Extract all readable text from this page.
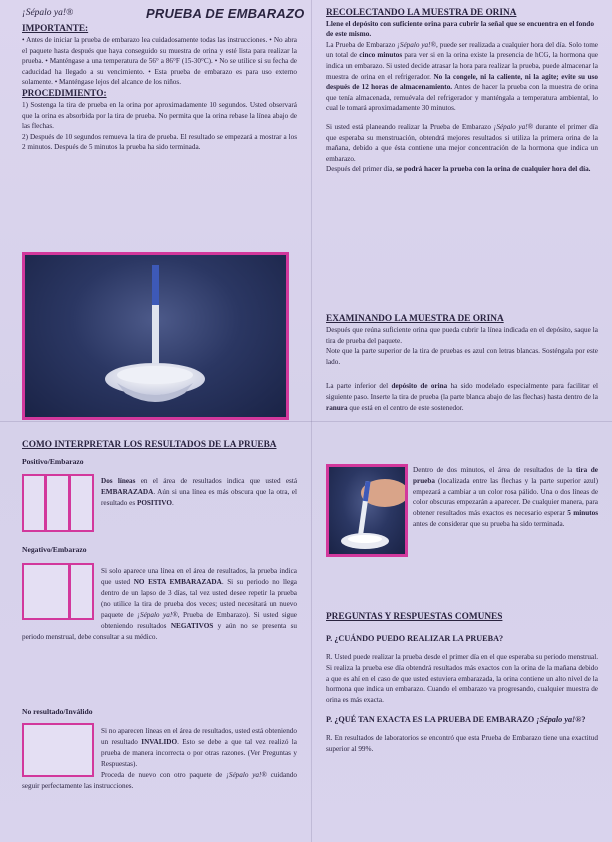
¡Sépalo ya!®	PRUEBA DE EMBARAZO

IMPORTANTE:

• Antes de iniciar la prueba de embarazo lea cuidadosamente todas las instrucciones. • No abra el paquete hasta después que haya conseguido su muestra de orina y esté lista para realizar la prueba. • Manténgase a una temperatura de 56° a 86°F (15-30°C). • No se utilice si su fecha de caducidad ha llegado a su vencimiento. • Esta prueba de embarazo es para uso externo solamente. • Manténgase lejos del alcance de los niños.

PROCEDIMIENTO:

1) Sostenga la tira de prueba en la orina por aproximadamente 10 segundos. Usted observará que la orina es absorbida por la tira de prueba. No permita que la orina rebase la línea abajo de las flechas.

2) Después de 10 segundos remueva la tira de prueba. El resultado se empezará a mostrar a los 2 minutos. Después de 5 minutos la prueba ha sido terminada.

COMO INTERPRETAR LOS RESULTADOS DE LA PRUEBA

Positivo/Embarazo

Dos líneas en el área de resultados indica que usted está EMBARAZADA. Aún si una línea es más obscura que la otra, el resultado es POSITIVO.

Negativo/Embarazo

Si solo aparece una línea en el área de resultados, la prueba indica que usted NO ESTA EMBARAZADA. Si su periodo no llega dentro de un lapso de 3 días, tal vez usted desee repetir la prueba (no utilice la tira de prueba dos veces; usted necesitará un nuevo paquete de ¡Sépalo ya!®, Prueba de Embarazo). Si usted sigue obteniendo resultados NEGATIVOS y aún no se presenta su periodo menstrual, debe consultar a su médico.

No resultado/Inválido

Si no aparecen líneas en el área de resultados, usted está obteniendo un resultado INVALIDO. Esto se debe a que tal vez realizó la prueba de manera incorrecta o por otras razones. (Ver Preguntas y Respuestas).

Proceda de nuevo con otro paquete de ¡Sépalo ya!® cuidando seguir perfectamente las instrucciones.

RECOLECTANDO LA MUESTRA DE ORINA

Llene el depósito con suficiente orina para cubrir la señal que se encuentra en el fondo de este mismo.

La Prueba de Embarazo ¡Sépalo ya!®, puede ser realizada a cualquier hora del día. Solo tome un total de cinco minutos para ver si en la orina existe la presencia de hCG, la hormona que indica un embarazo. Si usted decide atrasar la hora para realizar la prueba, puede almacenar la muestra de orina en el refrigerador. No la congele, ni la caliente, ni la agite; evite su uso después de 12 horas de almacenamiento. Antes de hacer la prueba con la muestra de orina que tenía almacenada, remuévala del refrigerador y manténgala a temperatura ambiental, lo cual le tomará aproximadamente 30 minutos.

Si usted está planeando realizar la Prueba de Embarazo ¡Sépalo ya!® durante el primer día que esperaba su menstruación, obtendrá mejores resultados si utiliza la primera orina de la mañana, debido a que ésta contiene una mejor concentración de la hormona que indica un embarazo.

Después del primer día, se podrá hacer la prueba con la orina de cualquier hora del día.

EXAMINANDO LA MUESTRA DE ORINA

Después que reúna suficiente orina que pueda cubrir la línea indicada en el depósito, saque la tira de prueba del paquete.

Note que la parte superior de la tira de pruebas es azul con letras blancas. Sosténgala por este lado.

La parte inferior del depósito de orina ha sido modelado especialmente para facilitar el siguiente paso. Inserte la tira de prueba (la parte blanca abajo de las flechas) hasta dentro de la ranura que está en el centro de este sostenedor.

Dentro de dos minutos, el área de resultados de la tira de prueba (localizada entre las flechas y la parte superior azul) empezará a cambiar a un color rosa pálido. Una o dos líneas de color obscuras empezarán a aparecer. De cualquier manera, para obtener resultados más exactos es necesario esperar 5 minutos antes de considerar que su prueba ha sido terminada.

PREGUNTAS Y RESPUESTAS COMUNES

P. ¿CUÁNDO PUEDO REALIZAR LA PRUEBA?

R. Usted puede realizar la prueba desde el primer día en el que esperaba su periodo menstrual. Si realiza la prueba ese día obtendrá resultados más exactos con la orina de la mañana debido a que es ahí en el caso de que usted estuviera embarazada, la orina contiene un alto nivel de la hormona que indica un embarazo. Cuando el embarazo va progresando, cualquier muestra de orina es más exacta.

P. ¿QUÉ TAN EXACTA ES LA PRUEBA DE EMBARAZO ¡Sépalo ya!®?

R. En resultados de laboratorios se encontró que esta Prueba de Embarazo tiene una exactitud superior al 99%.
